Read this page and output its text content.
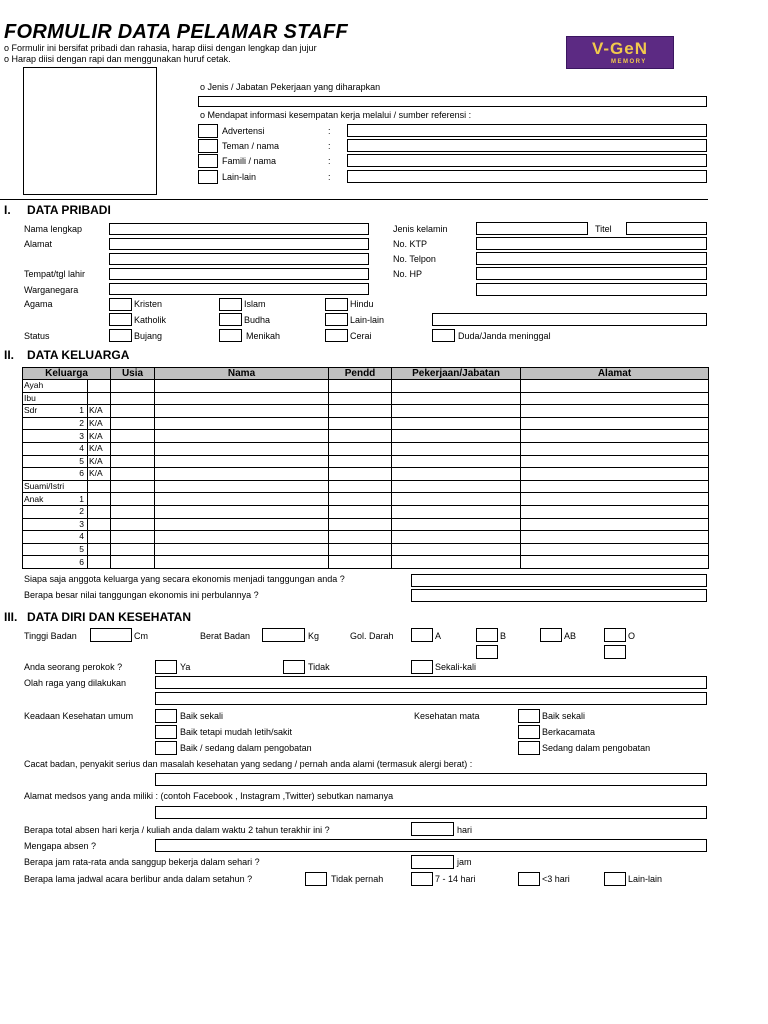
FORMULIR DATA PELAMAR STAFF
o Formulir ini bersifat pribadi dan rahasia, harap diisi dengan lengkap dan jujur
o Harap diisi dengan rapi dan menggunakan huruf cetak.
V-GeN
MEMORY
o Jenis / Jabatan Pekerjaan yang diharapkan
o Mendapat informasi kesempatan kerja melalui / sumber referensi :
Advertensi	:
Teman / nama	:
Famili / nama	:
Lain-lain	:
I. DATA PRIBADI
Nama lengkap	Jenis kelamin	Titel
Alamat	No. KTP
No. Telpon
Tempat/tgl lahir	No. HP
Warganegara
Agama	Kristen	Islam	Hindu
Katholik	Budha	Lain-lain
Status	Bujang	Menikah	Cerai	Duda/Janda meninggal
II. DATA KELUARGA
Keluarga			Usia	Nama	Pendd	Pekerjaan/Jabatan	Alamat
Ayah							
Ibu							
Sdr	1	K/A					
	2	K/A					
	3	K/A					
	4	K/A					
	5	K/A					
	6	K/A					
Suami/Istri							
Anak	1						
	2						
	3						
	4						
	5						
	6						
Siapa saja anggota keluarga yang secara ekonomis menjadi tanggungan anda ?
Berapa besar nilai tanggungan ekonomis ini perbulannya ?
III. DATA DIRI DAN KESEHATAN
Tinggi Badan	Cm	Berat Badan	Kg	Gol. Darah	A	B	AB	O
Anda seorang perokok ?	Ya	Tidak	Sekali-kali
Olah raga yang dilakukan
Keadaan Kesehatan umum	Baik sekali
Baik tetapi mudah letih/sakit
Baik / sedang dalam pengobatan
Kesehatan mata	Baik sekali
Berkacamata
Sedang dalam pengobatan
Cacat badan, penyakit serius dan masalah kesehatan yang sedang / pernah anda alami (termasuk alergi berat) :
Alamat medsos yang anda miliki : (contoh Facebook , Instagram ,Twitter) sebutkan namanya
Berapa total absen hari kerja / kuliah anda dalam waktu 2 tahun terakhir ini ?	hari
Mengapa absen ?
Berapa jam rata-rata anda sanggup bekerja dalam sehari ?	jam
Berapa lama jadwal acara berlibur anda dalam setahun ?	Tidak pernah	7 - 14 hari	<3 hari	Lain-lain
